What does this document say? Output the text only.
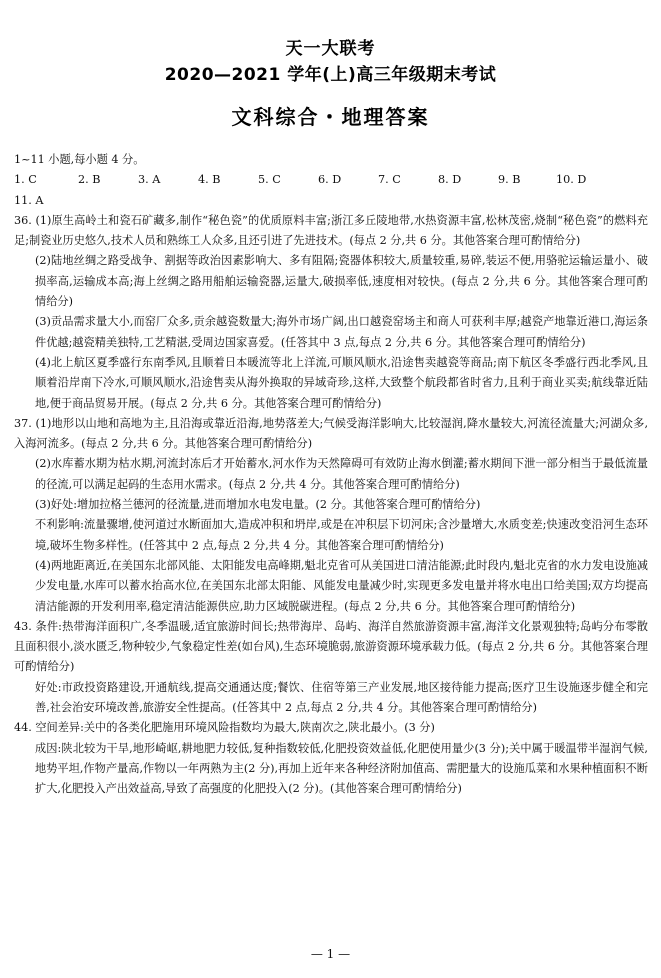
天一大联考
2020—2021 学年(上)高三年级期末考试
文科综合・地理答案
1~11 小题,每小题 4 分。
1. C	2. B	3. A	4. B	5. C	6. D	7. C	8. D	9. B	10. D
11. A
36. (1)原生高岭土和瓷石矿藏多,制作“秘色瓷”的优质原料丰富;浙江多丘陵地带,水热资源丰富,松林茂密,烧制“秘色瓷”的燃料充足;制瓷业历史悠久,技术人员和熟练工人众多,且还引进了先进技术。(每点 2 分,共 6 分。其他答案合理可酌情给分)
(2)陆地丝绸之路受战争、割据等政治因素影响大、多有阻隔;瓷器体积较大,质量较重,易碎,装运不便,用骆驼运输运量小、破损率高,运输成本高;海上丝绸之路用船舶运输瓷器,运量大,破损率低,速度相对较快。(每点 2 分,共 6 分。其他答案合理可酌情给分)
(3)贡品需求量大小,而窑厂众多,贡余越瓷数量大;海外市场广阔,出口越瓷窑场主和商人可获利丰厚;越瓷产地靠近港口,海运条件优越;越瓷精美独特,工艺精湛,受周边国家喜爱。(任答其中 3 点,每点 2 分,共 6 分。其他答案合理可酌情给分)
(4)北上航区夏季盛行东南季风,且顺着日本暖流等北上洋流,可顺风顺水,沿途售卖越瓷等商品;南下航区冬季盛行西北季风,且顺着沿岸南下冷水,可顺风顺水,沿途售卖从海外换取的异域奇珍,这样,大致整个航段都省时省力,且利于商业买卖;航线靠近陆地,便于商品贸易开展。(每点 2 分,共 6 分。其他答案合理可酌情给分)
37. (1)地形以山地和高地为主,且沿海或靠近沿海,地势落差大;气候受海洋影响大,比较湿润,降水量较大,河流径流量大;河湖众多,入海河流多。(每点 2 分,共 6 分。其他答案合理可酌情给分)
(2)水库蓄水期为枯水期,河流封冻后才开始蓄水,河水作为天然障碍可有效防止海水倒灌;蓄水期间下泄一部分相当于最低流量的径流,可以满足起码的生态用水需求。(每点 2 分,共 4 分。其他答案合理可酌情给分)
(3)好处:增加拉格兰德河的径流量,进而增加水电发电量。(2 分。其他答案合理可酌情给分)
不利影响:流量骤增,使河道过水断面加大,造成冲积和坍岸,或是在冲积层下切河床;含沙量增大,水质变差;快速改变沿河生态环境,破坏生物多样性。(任答其中 2 点,每点 2 分,共 4 分。其他答案合理可酌情给分)
(4)两地距离近,在美国东北部风能、太阳能发电高峰期,魁北克省可从美国进口清洁能源;此时段内,魁北克省的水力发电设施减少发电量,水库可以蓄水抬高水位,在美国东北部太阳能、风能发电量减少时,实现更多发电量并将水电出口给美国;双方均提高清洁能源的开发利用率,稳定清洁能源供应,助力区域脱碳进程。(每点 2 分,共 6 分。其他答案合理可酌情给分)
43. 条件:热带海洋面积广,冬季温暖,适宜旅游时间长;热带海岸、岛屿、海洋自然旅游资源丰富,海洋文化景观独特;岛屿分布零散且面积很小,淡水匮乏,物种较少,气象稳定性差(如台风),生态环境脆弱,旅游资源环境承载力低。(每点 2 分,共 6 分。其他答案合理可酌情给分)
好处:市政投资路建设,开通航线,提高交通通达度;餐饮、住宿等第三产业发展,地区接待能力提高;医疗卫生设施逐步健全和完善,社会治安环境改善,旅游安全性提高。(任答其中 2 点,每点 2 分,共 4 分。其他答案合理可酌情给分)
44. 空间差异:关中的各类化肥施用环境风险指数均为最大,陕南次之,陕北最小。(3 分)
成因:陕北较为干旱,地形崎岖,耕地肥力较低,复种指数较低,化肥投资效益低,化肥使用量少(3 分);关中属于暖温带半湿润气候,地势平坦,作物产量高,作物以一年两熟为主(2 分),再加上近年来各种经济附加值高、需肥量大的设施瓜菜和水果种植面积不断扩大,化肥投入产出效益高,导致了高强度的化肥投入(2 分)。(其他答案合理可酌情给分)
— 1 —
